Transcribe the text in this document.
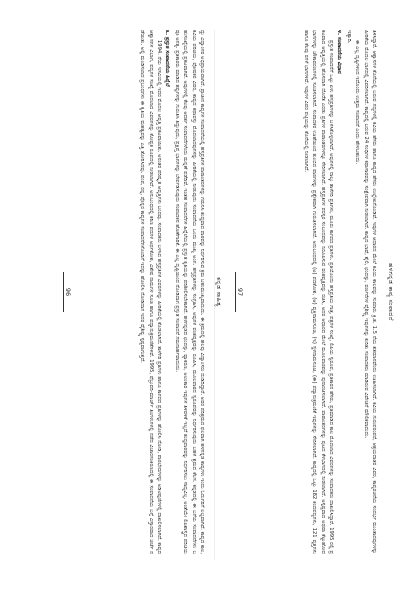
ಕನ್ನಡ ಸಾಹಿತ್ಯ

ದ್ದು ವಿದ್ವಾಂಸರ ಅಭಿಪ್ರಾಯವಾಗಿದೆ. ಪ್ರಾಚೀನ ಕಾವ್ಯಗಳ ಸಂಪಾದನೆಯಲ್ಲಿ ಹಸ್ತಪ್ರತಿಗಳ ಪಾಠಾಂತರಗಳನ್ನು ಗಮನಿಸಿ ಶುದ್ಧವಾದ ಪಾಠವನ್ನು ನಿರ್ಧರಿಸುವ ಕ್ರಮ ಬಹುಮುಖ್ಯವಾದುದು. ಈ ಕ್ರಮದಲ್ಲಿ ಹಲವು ವಿದ್ವಾಂಸರು ದುಡಿದಿದ್ದಾರೆ. ಅವರ ಪರಿಶ್ರಮದ ಫಲವಾಗಿ ಹಳಗನ್ನಡ ಕಾವ್ಯಗಳು ಇಂದು ಓದುಗರಿಗೆ ಲಭ್ಯವಾಗಿವೆ. ಕಾವ್ಯದ ಕಾಲ, ಕವಿಯ ಪರಿಚಯ, ಪೋಷಕರ ವಿವರ, ಕಾವ್ಯದ ಕಥಾವಸ್ತು ಮೊದಲಾದವುಗಳನ್ನು ಪೀಠಿಕೆಯಲ್ಲಿ ನೀಡುವುದು ಸಂಪಾದನೆಯ ಒಂದು ಮುಖ್ಯ ಅಂಗ. ಹಸ್ತಪ್ರತಿಗಳನ್ನು ಸಂಗ್ರಹಿಸಿ, ಅವುಗಳ ವಂಶವೃಕ್ಷವನ್ನು ರೂಪಿಸಿ, ಮೂಲಪಾಠದ ಸ್ವರೂಪವನ್ನು ನಿರ್ಧರಿಸುವುದು ಬಹಳ ಶ್ರಮದ ಕೆಲಸ. ಕನ್ನಡದಲ್ಲಿ ಈ ಬಗೆಯ ಸಂಪಾದನೆಗಳು ಬಹುಸಂಖ್ಯೆಯಲ್ಲಿ ಪ್ರಕಟವಾಗಿವೆ. ಅವುಗಳಲ್ಲಿ ಕೆಲವು ಆದರ್ಶ ಸಂಪಾದನೆಗಳೆಂದು ಮನ್ನಣೆ ಪಡೆದಿವೆ. ಇಂತಹ ಸಂಪಾದನೆಗಳ ಹಿನ್ನೆಲೆಯಲ್ಲಿ ಪ್ರಸ್ತುತ ಕೃತಿಯನ್ನು ಪರಿಶೀಲಿಸಬೇಕಾಗಿದೆ. ಹಳಗನ್ನಡದ ಛಂದಸ್ಸು, ವ್ಯಾಕರಣ, ಅಲಂಕಾರ ಇವುಗಳ ತಿಳಿವಳಿಕೆ ಇಲ್ಲದೆ ಶುದ್ಧಪಾಠವನ್ನು ನಿರ್ಧರಿಸಲು ಸಾಧ್ಯವಿಲ್ಲ. ಅಂತೆಯೇ ಲಿಪಿಶಾಸ್ತ್ರದ ಪರಿಚಯವೂ ಅಗತ್ಯ. ಪ್ರತಿಕಾರರು ಮಾಡಿದ ತಪ್ಪುಗಳನ್ನು ಗುರುತಿಸಿ ತಿದ್ದುವುದು, ಪ್ರಕ್ಷಿಪ್ತ ಭಾಗಗಳನ್ನು ಬೇರ್ಪಡಿಸುವುದು ಸಂಪಾದಕನ ಹೊಣೆಗಾರಿಕೆ. ಈ ಎಲ್ಲ ದೃಷ್ಟಿಯಿಂದ ನೋಡಿದಾಗ ಪ್ರಸ್ತುತ ಸಂಪಾದನೆ ಗಮನಾರ್ಹವಾದುದು.

೩. ಪ್ರಸ್ತುತ ಸಂಪಾದನೆಯ ಹಿನ್ನೆಲೆ

1994. ನೆಯ ಇಸವಿಯಲ್ಲಿ ಇದರ ಮೊದಲ ಆವೃತ್ತಿ ಪ್ರಕಟವಾಯಿತು. ಅನಂತರ ಪರಿಷ್ಕೃತ ಆವೃತ್ತಿಗಳು ಬಂದವು. ಸಂಪಾದಕರು ಬಳಸಿದ ಹಸ್ತಪ್ರತಿಗಳ ವಿವರಗಳನ್ನು ಪೀಠಿಕೆಯಲ್ಲಿ ಕೊಡಲಾಗಿದೆ. ತಾಳೆಗರಿ ಪ್ರತಿಗಳು ಹಾಗೂ ಕಾಗದದ ಪ್ರತಿಗಳನ್ನು ಹೋಲಿಸಿ ನೋಡಿ, ಪಾಠಭೇದಗಳನ್ನು ಅಡಿಟಿಪ್ಪಣಿಗಳಲ್ಲಿ ದಾಖಲಿಸಲಾಗಿದೆ. ಕಾವ್ಯದ ಆಶ್ವಾಸಗಳ ವಿಭಾಗ, ಪದ್ಯಗಳ ಸಂಖ್ಯೆ ಮೊದಲಾದ ವಿವರಗಳನ್ನು ಕೋಷ್ಟಕ ರೂಪದಲ್ಲಿ ನೀಡಲಾಗಿದೆ. ಅನುಬಂಧದಲ್ಲಿ ಕಠಿಣ ಪದಗಳ ಅರ್ಥಕೋಶ, ವಿಶೇಷ ನಾಮಗಳ ಸೂಚಿ ಹಾಗೂ ಪದ್ಯಾನುಕ್ರಮಣಿಕೆಗಳಿವೆ. 1995, ಫೆಬ್ರುವರಿ-ಮಾರ್ಚ್ ತಿಂಗಳುಗಳಲ್ಲಿ ನಡೆದ ವಿಚಾರಸಂಕಿರಣದಲ್ಲಿ ಈ ಸಂಪಾದನೆಯ ಬಗ್ಗೆ ವಿಸ್ತಾರವಾದ ಚರ್ಚೆ ನಡೆಯಿತು. ಅಲ್ಲಿ ಮಂಡಿಸಲಾದ ಪ್ರಬಂಧಗಳು ಈ ಕೃತಿಯ ಮಹತ್ವವನ್ನು ಎತ್ತಿ ತೋರಿಸಿದವು. ಪಂಪ, ರನ್ನ, ಪೊನ್ನರ ಕಾವ್ಯಗಳ ಸಂಪಾದನೆಗಳೊಂದಿಗೆ ಇದನ್ನು ಹೋಲಿಸಿ ನೋಡಿದಾಗ ಇದರ ವೈಶಿಷ್ಟ್ಯ ಸ್ಪಷ್ಟವಾಗುತ್ತದೆ.

96	ಹಳಗನ್ನಡ ಕಾವ್ಯ ಸಂಪಾದನೆ

ತಿಳಿಸಿದ್ದಾರೆ. ಆಶ್ವಾಸಗಳ ಕೊನೆಯಲ್ಲಿ ಬರುವ ಗದ್ಯಗಳಲ್ಲಿ ಕವಿಯ ಹೆಸರು ಹಾಗೂ ಕಾವ್ಯದ ಹೆಸರು ಉಲ್ಲೇಖಗೊಂಡಿವೆ. ಇವುಗಳ ಆಧಾರದ ಮೇಲೆ ಕವಿಯ ಕಾಲವನ್ನು ಸುಮಾರು ಕ್ರಿ.ಶ. 1.5 ನೆಯ ಶತಮಾನವೆಂದು ಊಹಿಸಲಾಗಿದೆ. ಕವಿಯ ಗುರುಪರಂಪರೆ, ಆಶ್ರಯದಾತರ ವಿವರ, ಕಾವ್ಯರಚನೆಯ ಸಂದರ್ಭ ಮುಂತಾದವುಗಳನ್ನು ಪೀಠಿಕೆಯ ಮೊದಲ ಭಾಗದಲ್ಲಿ ವಿವರಿಸಲಾಗಿದೆ. ಕಾವ್ಯದಲ್ಲಿ ಬರುವ 24 ಸಂಧಿಗಳ ಕಥಾಸಾರವನ್ನು ಸಂಕ್ಷೇಪವಾಗಿ ನೀಡಲಾಗಿದೆ. ಕಾವ್ಯದ ಭಾಷೆ, ಶೈಲಿ, ಛಂದಸ್ಸು, ವರ್ಣನೆಗಳ ವೈಶಿಷ್ಟ್ಯ ಇವುಗಳನ್ನು ಕುರಿತು ಸಂಪಾದಕರು ಮಾಡಿರುವ ವಿವೇಚನೆ ಮೌಲಿಕವಾದುದು.

ಈ ಎಲ್ಲ ದೃಷ್ಟಿಗಳಿಂದ ಇದೊಂದು ಉತ್ತಮ ಸಂಪಾದನೆ ಎಂದು ಹೇಳಬಹುದು.

ಇತ್ಯಾದಿ.

೪. ಸಂಪಾದನೆಯ ವಿಧಾನ

ಪ್ರಸ್ತುತ ಸಂಪಾದನೆಗೆ ಒಟ್ಟು ಏಳು ಹಸ್ತಪ್ರತಿಗಳನ್ನು ಬಳಸಿಕೊಳ್ಳಲಾಗಿದೆ. ಅವುಗಳಲ್ಲಿ ನಾಲ್ಕು ತಾಳೆಗರಿ ಪ್ರತಿಗಳು, ಮೂರು ಕಾಗದದ ಪ್ರತಿಗಳು. ಪ್ರತಿಯೊಂದು ಹಸ್ತಪ್ರತಿಯ ಗಾತ್ರ, ಪತ್ರಗಳ ಸಂಖ್ಯೆ, ಲಿಪಿಯ ಸ್ವರೂಪ, ಪ್ರತಿಕಾರನ ಹೆಸರು, ಪ್ರತಿಮಾಡಿದ ಕಾಲ ಮೊದಲಾದ ವಿವರಗಳನ್ನು ಸಂಪಾದಕರು ದಾಖಲಿಸಿದ್ದಾರೆ. 1995 ರಲ್ಲಿ ಪ್ರಕಟವಾದ ಆವೃತ್ತಿಯಲ್ಲಿ ಹೊಸದಾಗಿ ದೊರೆತ ಎರಡು ಪ್ರತಿಗಳ ಪಾಠಾಂತರಗಳನ್ನೂ ಸೇರಿಸಲಾಗಿದೆ. ಹಸ್ತಪ್ರತಿಗಳ ಪರಸ್ಪರ ಸಂಬಂಧವನ್ನು ನಿರೂಪಿಸುವ ವಂಶವೃಕ್ಷವನ್ನು ರಚಿಸಿ, ಅದರ ಆಧಾರದ ಮೇಲೆ ಮೂಲಪಾಠವನ್ನು ಪುನಾರಚಿಸಲಾಗಿದೆ. ಪಾಠಾಂತರಗಳನ್ನು ಪುಟದ ಕೆಳಭಾಗದಲ್ಲಿ ನೀಡಲಾಗಿದೆ. ಅಸ್ಪಷ್ಟವಾದ ಅಥವಾ ಕೆಟ್ಟುಹೋದ ಭಾಗಗಳನ್ನು ಚೌಕಾವರಣಗಳಲ್ಲಿ ಸೂಚಿಸಲಾಗಿದೆ. ಸಂಪಾದಕರ ಊಹೆಯಿಂದ ತುಂಬಿದ ಪಾಠಗಳನ್ನು ಪ್ರತ್ಯೇಕವಾಗಿ ಗುರುತಿಸಲಾಗಿದೆ. ಅನುಬಂಧದಲ್ಲಿ (ಅ) ಪದಕೋಶ, (ಆ) ವ್ಯಕ್ತಿನಾಮಸೂಚಿ, (ಇ) ಸ್ಥಳನಾಮಸೂಚಿ, (ಈ) ಪದ್ಯಾನುಕ್ರಮಣಿಕೆ ಇವುಗಳನ್ನು ಸೇರಿಸಲಾಗಿದೆ. ಕಾವ್ಯದಲ್ಲಿ ಒಟ್ಟು 182 ಕಂದಪದ್ಯಗಳು, 121 ವೃತ್ತಗಳು ಹಾಗೂ ಕೆಲವು ರಗಳೆ ಭಾಗಗಳಿವೆ. ಇವುಗಳ ವಿವರ ಪಟ್ಟಿಯನ್ನು ಕೊನೆಯಲ್ಲಿ ನೀಡಲಾಗಿದೆ.

97
